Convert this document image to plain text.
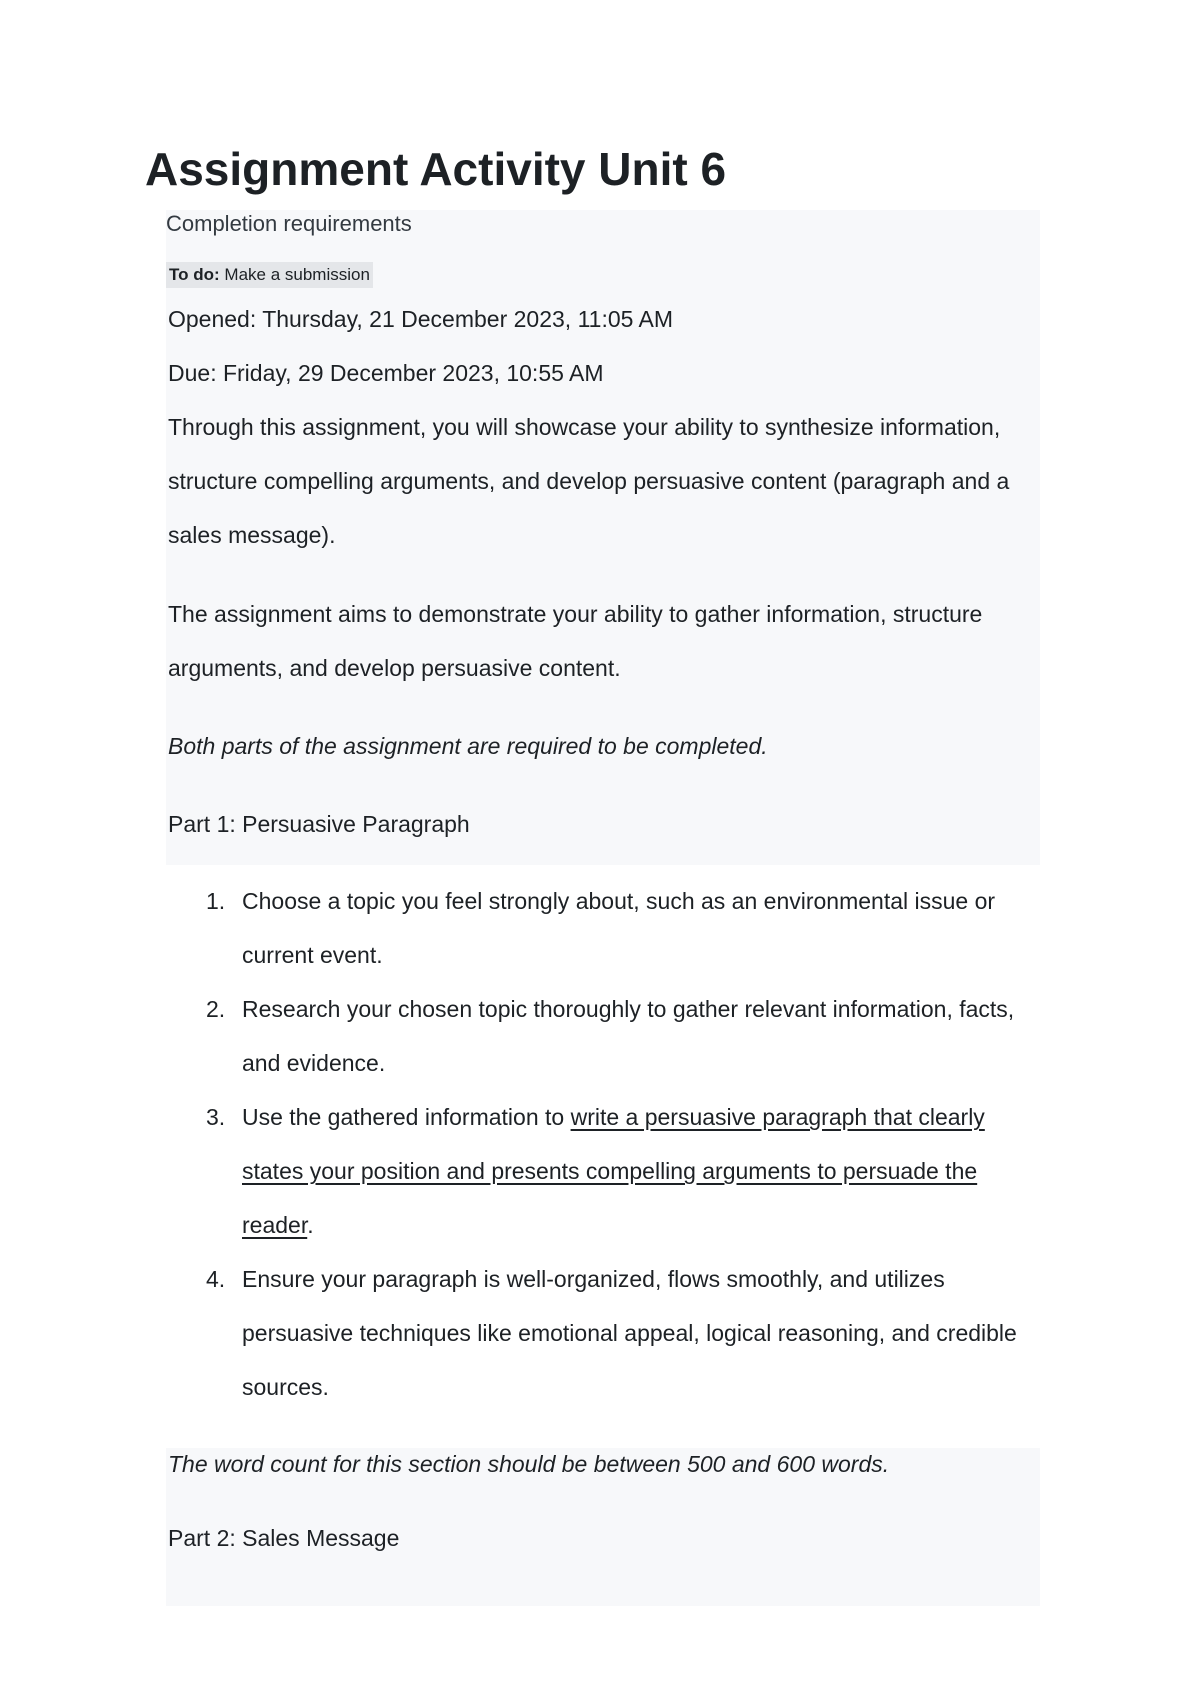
Assignment Activity Unit 6
Completion requirements
To do: Make a submission
Opened: Thursday, 21 December 2023, 11:05 AM
Due: Friday, 29 December 2023, 10:55 AM

Through this assignment, you will showcase your ability to synthesize information, structure compelling arguments, and develop persuasive content (paragraph and a sales message).

The assignment aims to demonstrate your ability to gather information, structure arguments, and develop persuasive content.

Both parts of the assignment are required to be completed.

Part 1: Persuasive Paragraph
1. Choose a topic you feel strongly about, such as an environmental issue or current event.
2. Research your chosen topic thoroughly to gather relevant information, facts, and evidence.
3. Use the gathered information to write a persuasive paragraph that clearly states your position and presents compelling arguments to persuade the reader.
4. Ensure your paragraph is well-organized, flows smoothly, and utilizes persuasive techniques like emotional appeal, logical reasoning, and credible sources.

The word count for this section should be between 500 and 600 words.

Part 2: Sales Message
